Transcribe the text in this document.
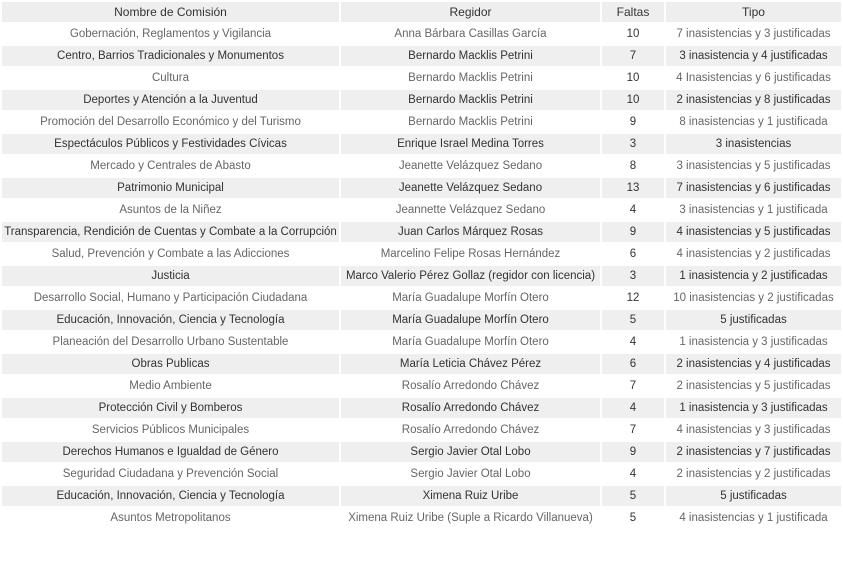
Nombre de Comisión	Regidor	Faltas	Tipo
Gobernación, Reglamentos y Vigilancia	Anna Bárbara Casillas García	10	7 inasistencias y 3 justificadas
Centro, Barrios Tradicionales y Monumentos	Bernardo Macklis Petrini	7	3 inasistencia y 4 justificadas
Cultura	Bernardo Macklis Petrini	10	4 Inasistencias y 6 justificadas
Deportes y Atención a la Juventud	Bernardo Macklis Petrini	10	2 inasistencias y 8 justificadas
Promoción del Desarrollo Económico y del Turismo	Bernardo Macklis Petrini	9	8 inasistencias y 1 justificada
Espectáculos Públicos y Festividades Cívicas	Enrique Israel Medina Torres	3	3 inasistencias
Mercado y Centrales de Abasto	Jeanette Velázquez Sedano	8	3 inasistencias y 5 justificadas
Patrimonio Municipal	Jeanette Velázquez Sedano	13	7 inasistencias y 6 justificadas
Asuntos de la Niñez	Jeannette Velázquez Sedano	4	3 inasistencias y 1 justificada
Transparencia, Rendición de Cuentas y Combate a la Corrupción	Juan Carlos Márquez Rosas	9	4 inasistencias y 5 justificadas
Salud, Prevención y Combate a las Adicciones	Marcelino Felipe Rosas Hernández	6	4 inasistencias y 2 justificadas
Justicia	Marco Valerio Pérez Gollaz (regidor con licencia)	3	1 inasistencia y 2 justificadas
Desarrollo Social, Humano y Participación Ciudadana	María Guadalupe Morfín Otero	12	10 inasistencias y 2 justificadas
Educación, Innovación, Ciencia y Tecnología	María Guadalupe Morfín Otero	5	5 justificadas
Planeación del Desarrollo Urbano Sustentable	María Guadalupe Morfín Otero	4	1 inasistencia y 3 justificadas
Obras Publicas	María Leticia Chávez Pérez	6	2 inasistencias y 4 justificadas
Medio Ambiente	Rosalío Arredondo Chávez	7	2 inasistencias y 5 justificadas
Protección Civil y Bomberos	Rosalío Arredondo Chávez	4	1 inasistencia y 3 justificadas
Servicios Públicos Municipales	Rosalío Arredondo Chávez	7	4 inasistencias y 3 justificadas
Derechos Humanos e Igualdad de Género	Sergio Javier Otal Lobo	9	2 inasistencias y 7 justificadas
Seguridad Ciudadana y Prevención Social	Sergio Javier Otal Lobo	4	2 inasistencias y 2 justificadas
Educación, Innovación, Ciencia y Tecnología	Ximena Ruiz Uribe	5	5 justificadas
Asuntos Metropolitanos	Ximena Ruiz Uribe (Suple a Ricardo Villanueva)	5	4 inasistencias y 1 justificada
